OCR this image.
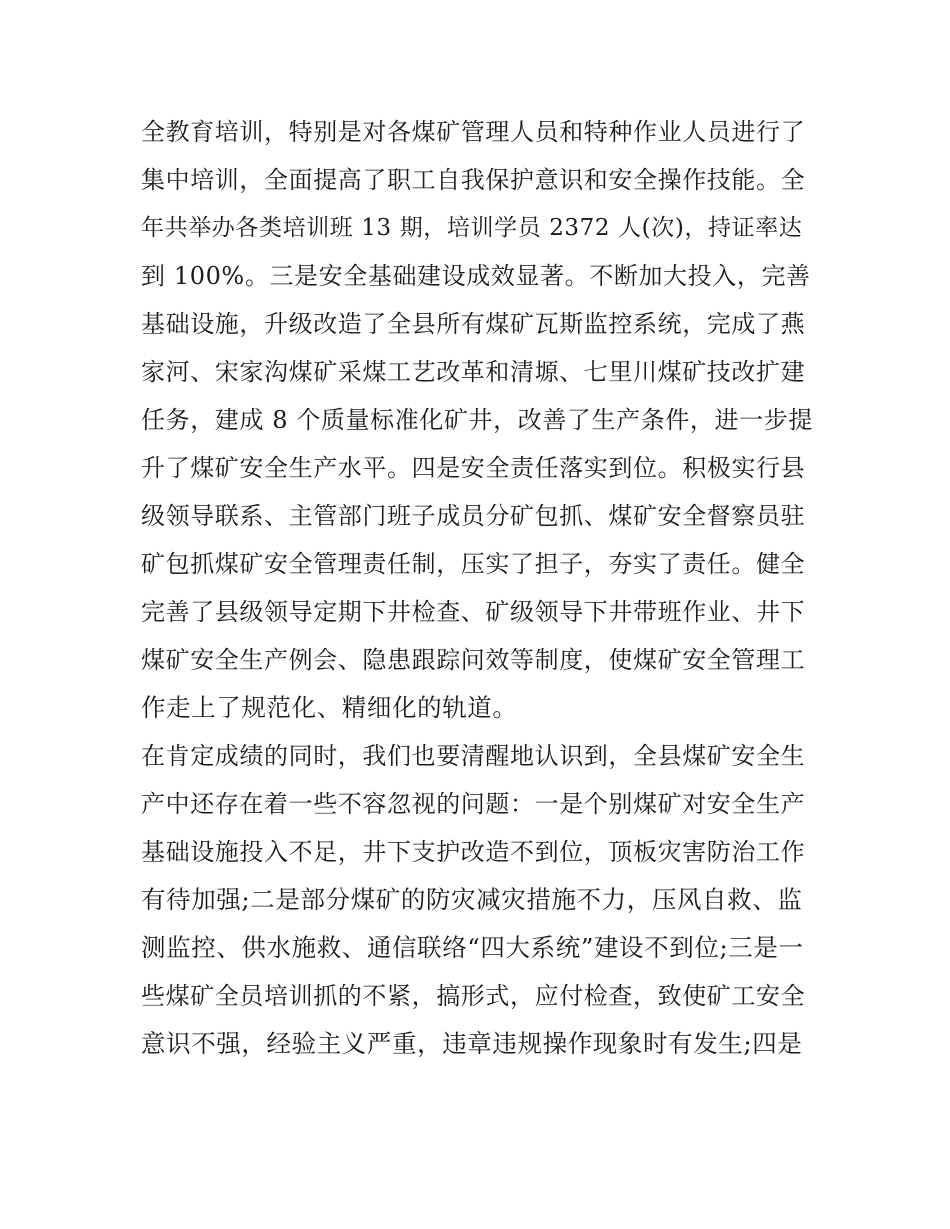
全教育培训，特别是对各煤矿管理人员和特种作业人员进行了
集中培训，全面提高了职工自我保护意识和安全操作技能。全
年共举办各类培训班 13 期，培训学员 2372 人(次)，持证率达
到 100%。三是安全基础建设成效显著。不断加大投入，完善
基础设施，升级改造了全县所有煤矿瓦斯监控系统，完成了燕
家河、宋家沟煤矿采煤工艺改革和清塬、七里川煤矿技改扩建
任务，建成 8 个质量标准化矿井，改善了生产条件，进一步提
升了煤矿安全生产水平。四是安全责任落实到位。积极实行县
级领导联系、主管部门班子成员分矿包抓、煤矿安全督察员驻
矿包抓煤矿安全管理责任制，压实了担子，夯实了责任。健全
完善了县级领导定期下井检查、矿级领导下井带班作业、井下
煤矿安全生产例会、隐患跟踪问效等制度，使煤矿安全管理工
作走上了规范化、精细化的轨道。
在肯定成绩的同时，我们也要清醒地认识到，全县煤矿安全生
产中还存在着一些不容忽视的问题：一是个别煤矿对安全生产
基础设施投入不足，井下支护改造不到位，顶板灾害防治工作
有待加强;二是部分煤矿的防灾减灾措施不力，压风自救、监
测监控、供水施救、通信联络“四大系统”建设不到位;三是一
些煤矿全员培训抓的不紧，搞形式，应付检查，致使矿工安全
意识不强，经验主义严重，违章违规操作现象时有发生;四是
